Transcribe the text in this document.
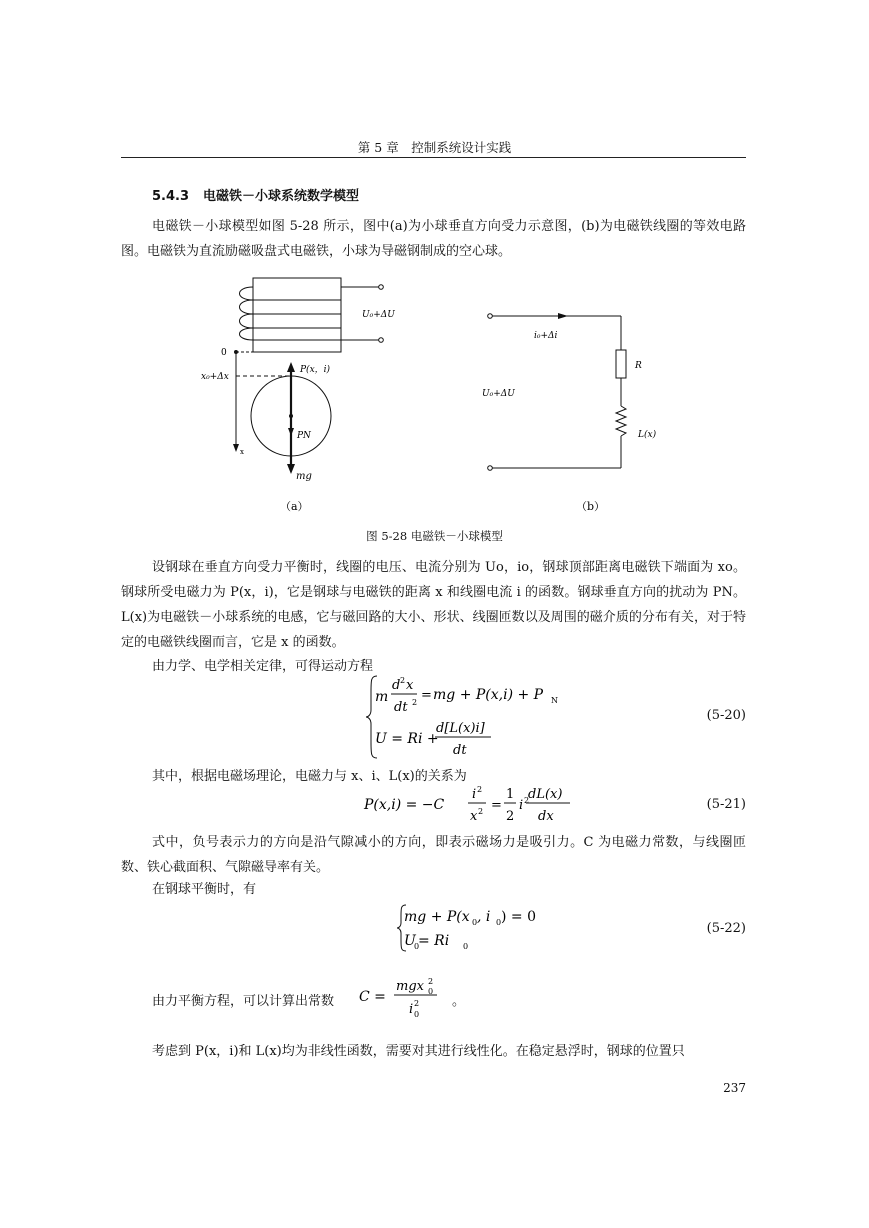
第 5 章　控制系统设计实践
5.4.3 电磁铁－小球系统数学模型
电磁铁－小球模型如图 5-28 所示，图中(a)为小球垂直方向受力示意图，(b)为电磁铁线圈的等效电路图。电磁铁为直流励磁吸盘式电磁铁，小球为导磁钢制成的空心球。
U₀+ΔU
0
x₀+Δx
x
P(x，i)
PN
mg
i₀+Δi
U₀+ΔU
R
L(x)
（a）	（b）
图 5-28 电磁铁－小球模型
设钢球在垂直方向受力平衡时，线圈的电压、电流分别为 Uo，io，钢球顶部距离电磁铁下端面为 xo。钢球所受电磁力为 P(x，i)，它是钢球与电磁铁的距离 x 和线圈电流 i 的函数。钢球垂直方向的扰动为 PN。L(x)为电磁铁－小球系统的电感，它与磁回路的大小、形状、线圈匝数以及周围的磁介质的分布有关，对于特定的电磁铁线圈而言，它是 x 的函数。
由力学、电学相关定律，可得运动方程
m
d 2 x
dt 2 = mg + P(x,i) + P N
U = Ri +
d[L(x)i]
dt
(5-20)
其中，根据电磁场理论，电磁力与 x、i、L(x)的关系为
P(x,i) = −C
i 2
x 2 =
1
2
i 2
dL(x)
dx
(5-21)
式中，负号表示力的方向是沿气隙减小的方向，即表示磁场力是吸引力。C 为电磁力常数，与线圈匝数、铁心截面积、气隙磁导率有关。
在钢球平衡时，有
mg + P(x 0 , i 0 ) = 0
U
0
= Ri 0
(5-22)
由力平衡方程，可以计算出常数 C =
mgx 2
0
i 2
0
。
考虑到 P(x，i)和 L(x)均为非线性函数，需要对其进行线性化。在稳定悬浮时，钢球的位置只
237
